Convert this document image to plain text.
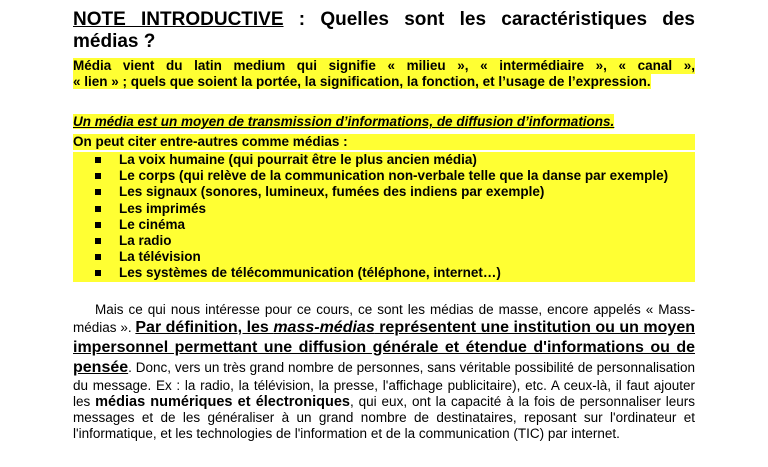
NOTE INTRODUCTIVE : Quelles sont les caractéristiques des médias ?
Média vient du latin medium qui signifie « milieu », « intermédiaire », « canal »,
« lien » ; quels que soient la portée, la signification, la fonction, et l’usage de l’expression.
Un média est un moyen de transmission d’informations, de diffusion d’informations.
On peut citer entre-autres comme médias :
La voix humaine (qui pourrait être le plus ancien média)
Le corps (qui relève de la communication non-verbale telle que la danse par exemple)
Les signaux (sonores, lumineux, fumées des indiens par exemple)
Les imprimés
Le cinéma
La radio
La télévision
Les systèmes de télécommunication (téléphone, internet…)
Mais ce qui nous intéresse pour ce cours, ce sont les médias de masse, encore appelés « Mass-médias ». Par définition, les mass-médias représentent une institution ou un moyen impersonnel permettant une diffusion générale et étendue d'informations ou de pensée. Donc, vers un très grand nombre de personnes, sans véritable possibilité de personnalisation du message. Ex : la radio, la télévision, la presse, l'affichage publicitaire), etc. A ceux-là, il faut ajouter les médias numériques et électroniques, qui eux, ont la capacité à la fois de personnaliser leurs messages et de les généraliser à un grand nombre de destinataires, reposant sur l'ordinateur et l'informatique, et les technologies de l'information et de la communication (TIC) par internet.
